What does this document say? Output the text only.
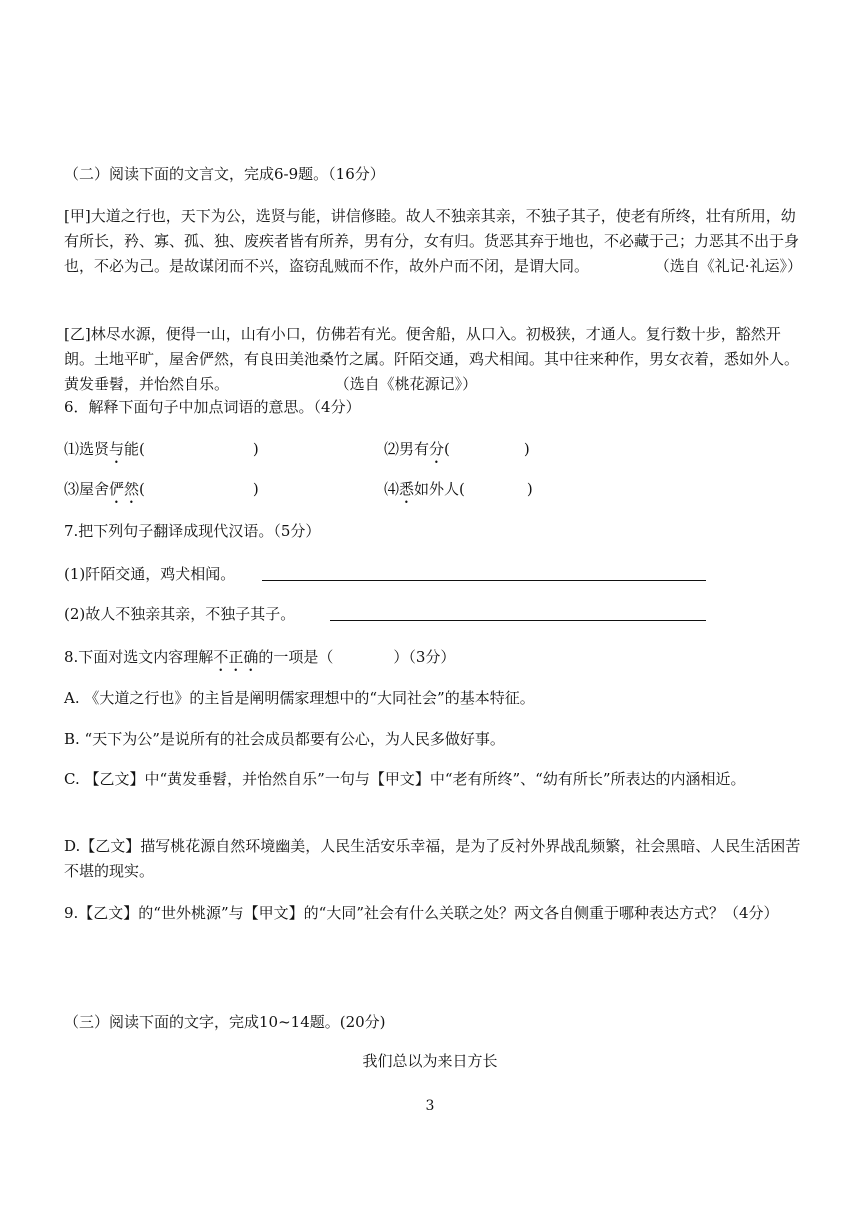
（二）阅读下面的文言文，完成6-9题。（16分）
[甲]大道之行也，天下为公，选贤与能，讲信修睦。故人不独亲其亲，不独子其子，使老有所终，壮有所用，幼有所长，矜、寡、孤、独、废疾者皆有所养，男有分，女有归。货恶其弃于地也，不必藏于己；力恶其不出于身也，不必为己。是故谋闭而不兴，盗窃乱贼而不作，故外户而不闭，是谓大同。	（选自《礼记·礼运》）
[乙]林尽水源，便得一山，山有小口，仿佛若有光。便舍船，从口入。初极狭，才通人。复行数十步，豁然开朗。土地平旷，屋舍俨然，有良田美池桑竹之属。阡陌交通，鸡犬相闻。其中往来种作，男女衣着，悉如外人。黄发垂髫，并怡然自乐。	（选自《桃花源记》）
6．解释下面句子中加点词语的意思。（4分）
⑴选贤与能(	)	⑵男有分(	)
⑶屋舍俨然(	)	⑷悉如外人(	)
7.把下列句子翻译成现代汉语。（5分）
(1)阡陌交通，鸡犬相闻。
(2)故人不独亲其亲，不独子其子。
8.下面对选文内容理解不正确的一项是（	）（3分）
A. 《大道之行也》的主旨是阐明儒家理想中的“大同社会”的基本特征。
B. “天下为公”是说所有的社会成员都要有公心，为人民多做好事。
C. 【乙文】中“黄发垂髫，并怡然自乐”一句与【甲文】中“老有所终”、“幼有所长”所表达的内涵相近。
D.【乙文】描写桃花源自然环境幽美，人民生活安乐幸福，是为了反衬外界战乱频繁，社会黑暗、人民生活困苦不堪的现实。
9.【乙文】的“世外桃源”与【甲文】的“大同”社会有什么关联之处？两文各自侧重于哪种表达方式？（4分）
（三）阅读下面的文字，完成10~14题。(20分)
我们总以为来日方长
3
